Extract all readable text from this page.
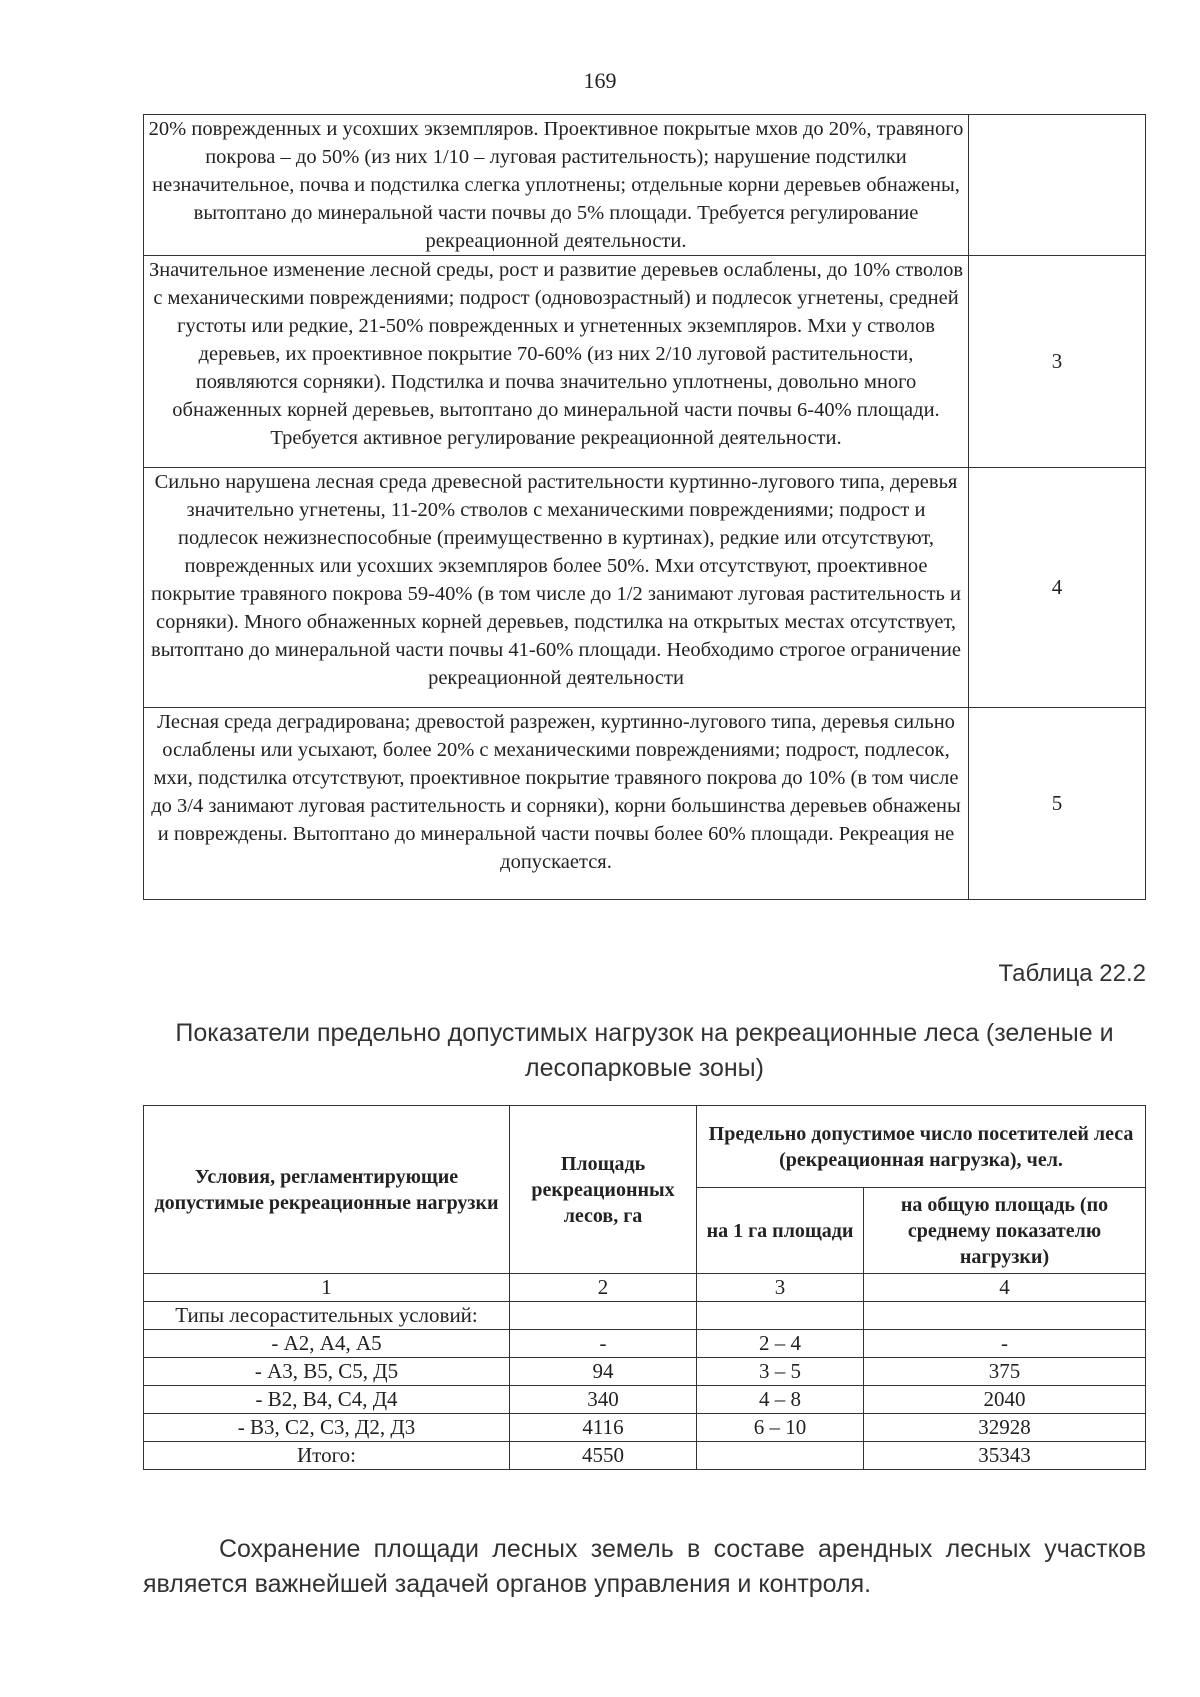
169
20% поврежденных и усохших экземпляров. Проективное покрытые мхов до 20%, травяного покрова – до 50% (из них 1/10 – луговая растительность); нарушение подстилки незначительное, почва и подстилка слегка уплотнены; отдельные корни деревьев обнажены, вытоптано до минеральной части почвы до 5% площади. Требуется регулирование рекреационной деятельности.	
Значительное изменение лесной среды, рост и развитие деревьев ослаблены, до 10% стволов с механическими повреждениями; подрост (одновозрастный) и подлесок угнетены, средней густоты или редкие, 21-50% поврежденных и угнетенных экземпляров. Мхи у стволов деревьев, их проективное покрытие 70-60% (из них 2/10 луговой растительности, появляются сорняки). Подстилка и почва значительно уплотнены, довольно много обнаженных корней деревьев, вытоптано до минеральной части почвы 6-40% площади. Требуется активное регулирование рекреационной деятельности.	3
Сильно нарушена лесная среда древесной растительности куртинно-лугового типа, деревья значительно угнетены, 11-20% стволов с механическими повреждениями; подрост и подлесок нежизнеспособные (преимущественно в куртинах), редкие или отсутствуют, поврежденных или усохших экземпляров более 50%. Мхи отсутствуют, проективное покрытие травяного покрова 59-40% (в том числе до 1/2 занимают луговая растительность и сорняки). Много обнаженных корней деревьев, подстилка на открытых местах отсутствует, вытоптано до минеральной части почвы 41-60% площади. Необходимо строгое ограничение рекреационной деятельности	4
Лесная среда деградирована; древостой разрежен, куртинно-лугового типа, деревья сильно ослаблены или усыхают, более 20% с механическими повреждениями; подрост, подлесок, мхи, подстилка отсутствуют, проективное покрытие травяного покрова до 10% (в том числе до 3/4 занимают луговая растительность и сорняки), корни большинства деревьев обнажены и повреждены. Вытоптано до минеральной части почвы более 60% площади. Рекреация не допускается.	5
Таблица 22.2
Показатели предельно допустимых нагрузок на рекреационные леса (зеленые и лесопарковые зоны)
Условия, регламентирующие допустимые рекреационные нагрузки	Площадь рекреационных лесов, га	Предельно допустимое число посетителей леса (рекреационная нагрузка), чел.	
		на 1 га площади	на общую площадь (по среднему показателю нагрузки)
1	2	3	4
Типы лесорастительных условий:			
- А2, А4, А5	-	2 – 4	-
- А3, В5, С5, Д5	94	3 – 5	375
- В2, В4, С4, Д4	340	4 – 8	2040
- В3, С2, С3, Д2, Д3	4116	6 – 10	32928
Итого:	4550		35343

Сохранение площади лесных земель в составе арендных лесных участков является важнейшей задачей органов управления и контроля.
